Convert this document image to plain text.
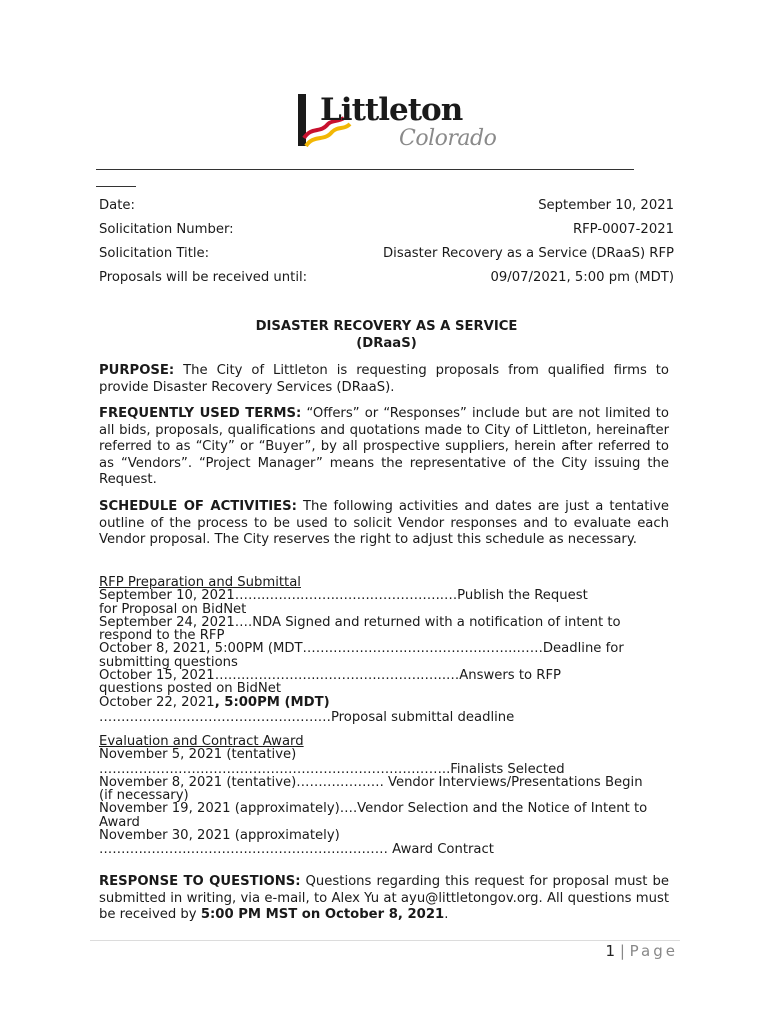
Littleton
Colorado
Date:	September 10, 2021
Solicitation Number:	RFP-0007-2021
Solicitation Title:	Disaster Recovery as a Service (DRaaS) RFP
Proposals will be received until:	09/07/2021, 5:00 pm (MDT)
DISASTER RECOVERY AS A SERVICE
(DRaaS)
PURPOSE: The City of Littleton is requesting proposals from qualified firms to provide Disaster Recovery Services (DRaaS).
FREQUENTLY USED TERMS: “Offers” or “Responses” include but are not limited to all bids, proposals, qualifications and quotations made to City of Littleton, hereinafter referred to as “City” or “Buyer”, by all prospective suppliers, herein after referred to as “Vendors”. “Project Manager” means the representative of the City issuing the Request.
SCHEDULE OF ACTIVITIES: The following activities and dates are just a tentative outline of the process to be used to solicit Vendor responses and to evaluate each Vendor proposal. The City reserves the right to adjust this schedule as necessary.
RFP Preparation and Submittal
September 10, 2021……..……..……..…….……………..…Publish the Request
for Proposal on BidNet
September 24, 2021….NDA Signed and returned with a notification of intent to
respond to the RFP
October 8, 2021, 5:00PM (MDT…….…….……….….………….……..……Deadline for
submitting questions
October 15, 2021…….……………..………….………..…..…Answers to RFP
questions posted on BidNet
October 22, 2021, 5:00PM (MDT)
…….……..…….………………….………Proposal submittal deadline
Evaluation and Contract Award
November 5, 2021 (tentative)
……………………………………………………………………..Finalists Selected
November 8, 2021 (tentative)……….………. Vendor Interviews/Presentations Begin
(if necessary)
November 19, 2021 (approximately)….Vendor Selection and the Notice of Intent to
Award
November 30, 2021 (approximately)
………..……….………….…………………..……… Award Contract
RESPONSE TO QUESTIONS: Questions regarding this request for proposal must be submitted in writing, via e-mail, to Alex Yu at ayu@littletongov.org. All questions must be received by 5:00 PM MST on October 8, 2021.
1 | Page
